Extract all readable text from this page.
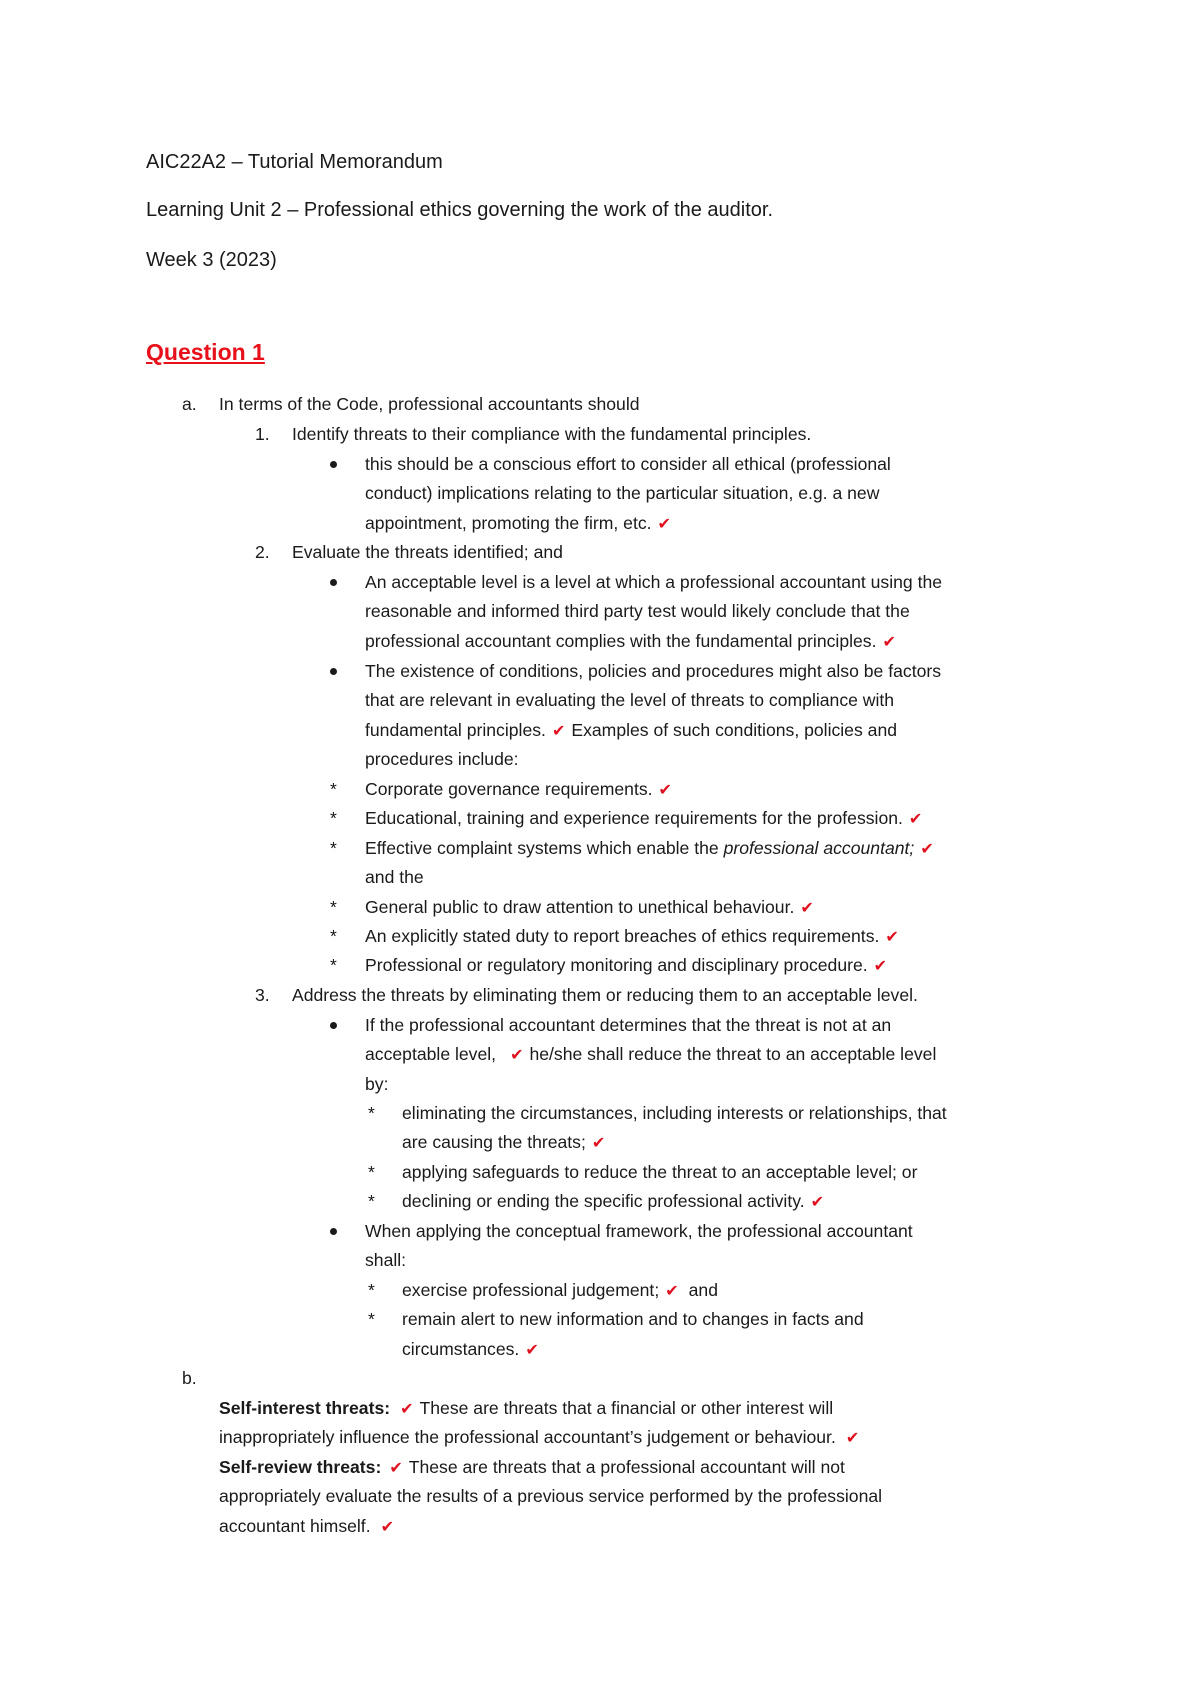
AIC22A2 – Tutorial Memorandum
Learning Unit 2 – Professional ethics governing the work of the auditor.
Week 3 (2023)
Question 1
a. In terms of the Code, professional accountants should
1. Identify threats to their compliance with the fundamental principles.
this should be a conscious effort to consider all ethical (professional
conduct) implications relating to the particular situation, e.g. a new
appointment, promoting the firm, etc. ✔
2. Evaluate the threats identified; and
An acceptable level is a level at which a professional accountant using the
reasonable and informed third party test would likely conclude that the
professional accountant complies with the fundamental principles. ✔
The existence of conditions, policies and procedures might also be factors
that are relevant in evaluating the level of threats to compliance with
fundamental principles. ✔ Examples of such conditions, policies and
procedures include:
* Corporate governance requirements. ✔
* Educational, training and experience requirements for the profession. ✔
* Effective complaint systems which enable the professional accountant; ✔
and the
* General public to draw attention to unethical behaviour. ✔
* An explicitly stated duty to report breaches of ethics requirements. ✔
* Professional or regulatory monitoring and disciplinary procedure. ✔
3. Address the threats by eliminating them or reducing them to an acceptable level.
If the professional accountant determines that the threat is not at an
acceptable level, ✔ he/she shall reduce the threat to an acceptable level
by:
* eliminating the circumstances, including interests or relationships, that
are causing the threats; ✔
* applying safeguards to reduce the threat to an acceptable level; or
* declining or ending the specific professional activity. ✔
When applying the conceptual framework, the professional accountant
shall:
* exercise professional judgement; ✔ and
* remain alert to new information and to changes in facts and
circumstances. ✔
b.
Self-interest threats: ✔ These are threats that a financial or other interest will
inappropriately influence the professional accountant’s judgement or behaviour. ✔
Self-review threats: ✔ These are threats that a professional accountant will not
appropriately evaluate the results of a previous service performed by the professional
accountant himself. ✔
